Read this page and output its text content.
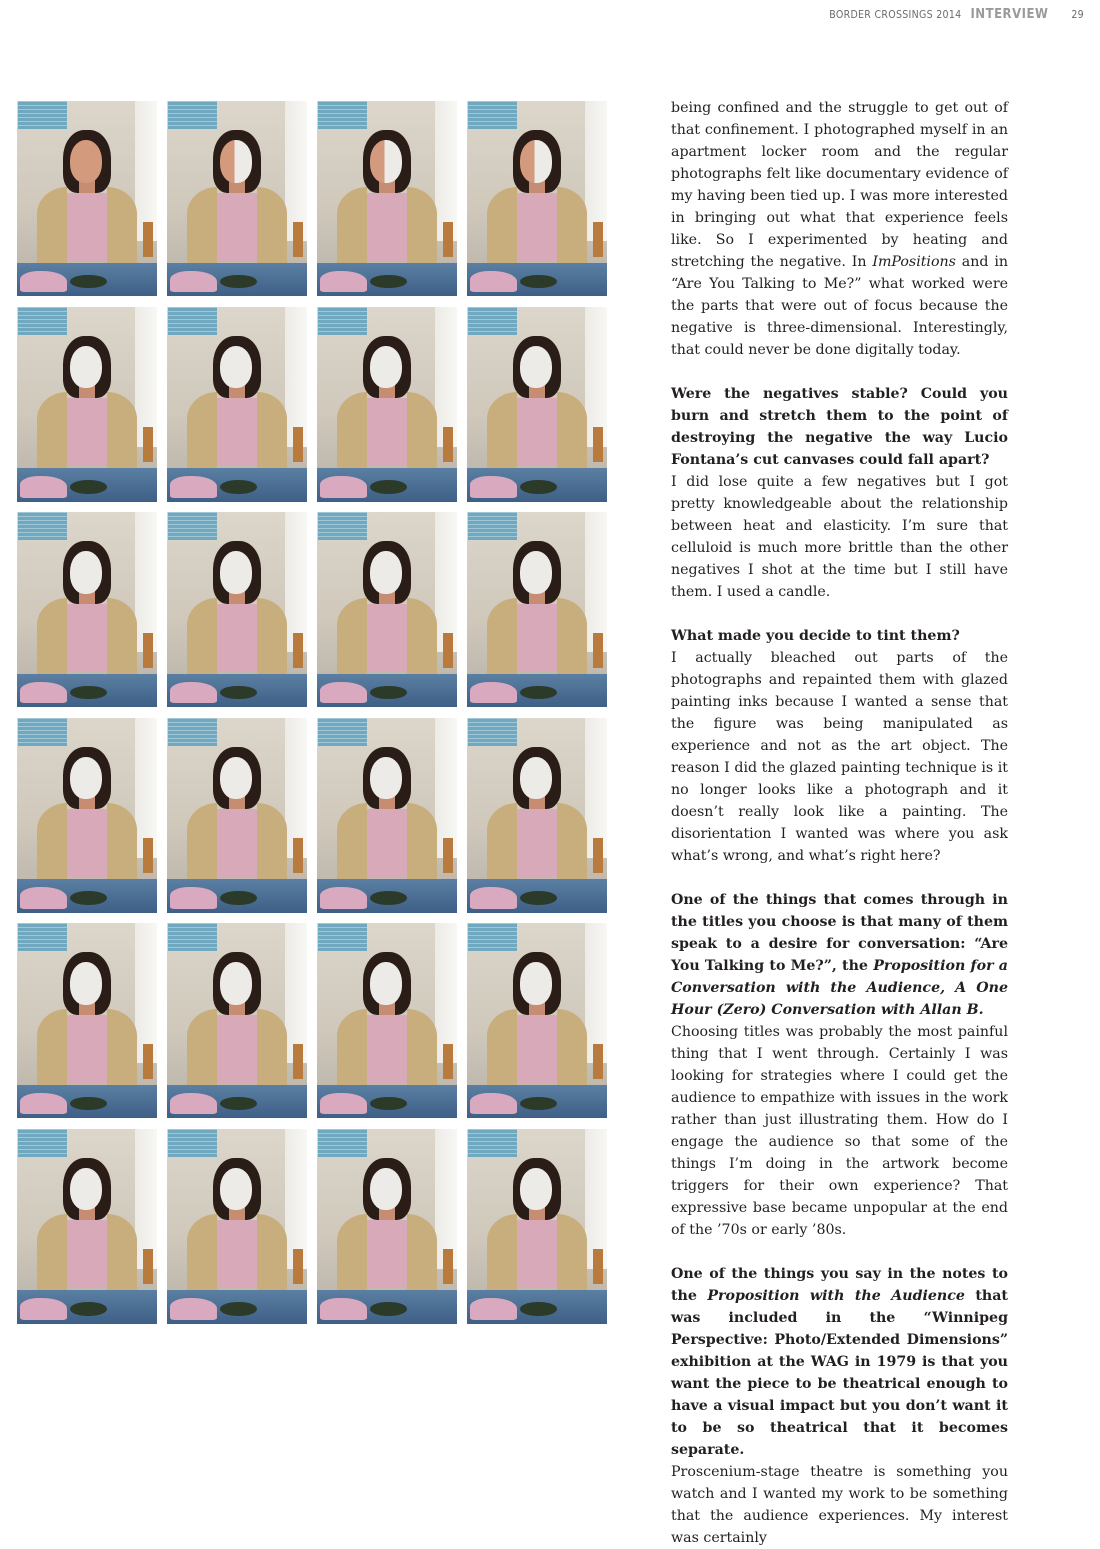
BORDER CROSSINGS 2014 INTERVIEW 29

being confined and the struggle to get out of that confinement. I photographed myself in an apartment locker room and the regular photographs felt like documentary evidence of my having been tied up. I was more interested in bringing out what that experience feels like. So I experimented by heating and stretching the negative. In ImPositions and in “Are You Talking to Me?” what worked were the parts that were out of focus because the negative is three-dimensional. Interestingly, that could never be done digitally today.

Were the negatives stable? Could you burn and stretch them to the point of destroying the negative the way Lucio Fontana’s cut canvases could fall apart?

I did lose quite a few negatives but I got pretty knowledgeable about the relationship between heat and elasticity. I’m sure that celluloid is much more brittle than the other negatives I shot at the time but I still have them. I used a candle.

What made you decide to tint them?

I actually bleached out parts of the photographs and repainted them with glazed painting inks because I wanted a sense that the figure was being manipulated as experience and not as the art object. The reason I did the glazed painting technique is it no longer looks like a photograph and it doesn’t really look like a painting. The disorientation I wanted was where you ask what’s wrong, and what’s right here?

One of the things that comes through in the titles you choose is that many of them speak to a desire for conversation: “Are You Talking to Me?”, the Proposition for a Conversation with the Audience, A One Hour (Zero) Conversation with Allan B.

Choosing titles was probably the most painful thing that I went through. Certainly I was looking for strategies where I could get the audience to empathize with issues in the work rather than just illustrating them. How do I engage the audience so that some of the things I’m doing in the artwork become triggers for their own experience? That expressive base became unpopular at the end of the ’70s or early ’80s.

One of the things you say in the notes to the Proposition with the Audience that was included in the “Winnipeg Perspective: Photo/Extended Dimensions” exhibition at the WAG in 1979 is that you want the piece to be theatrical enough to have a visual impact but you don’t want it to be so theatrical that it becomes separate.

Proscenium-stage theatre is something you watch and I wanted my work to be something that the audience experiences. My interest was certainly
